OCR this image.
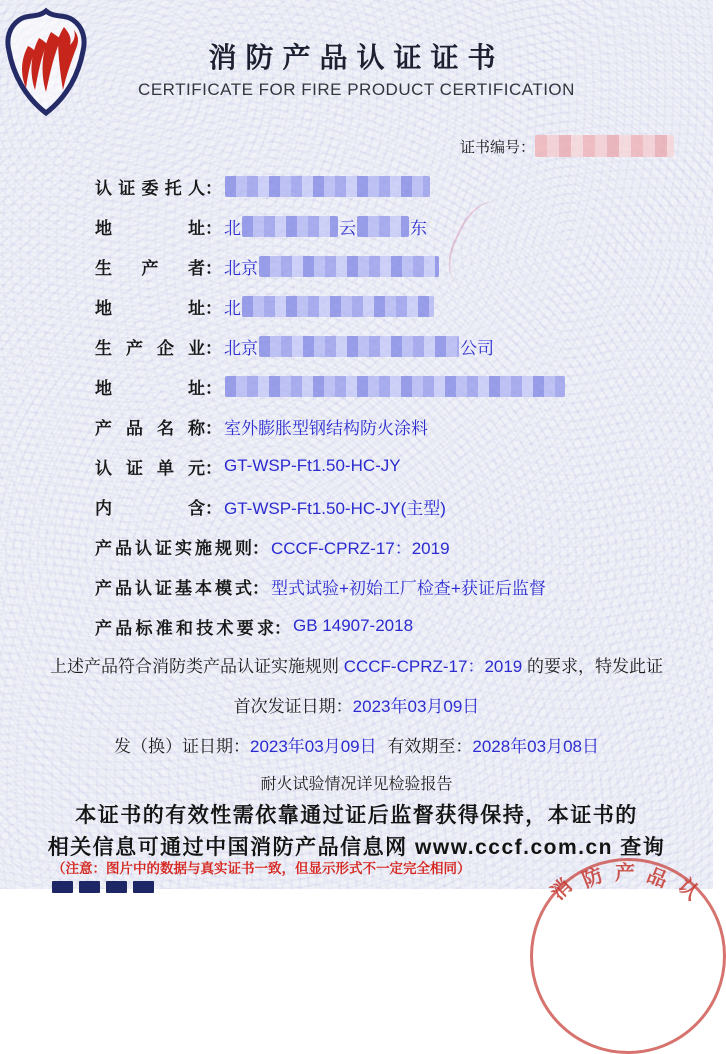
消防产品认证证书
CERTIFICATE FOR FIRE PRODUCT CERTIFICATION
证书编号：
认证委托人 ：
地址 ： 北	云	东
生产者 ： 北京
地址 ： 北
生产企业 ： 北京	公司
地址 ：
产品名称 ： 室外膨胀型钢结构防火涂料
认证单元 ： GT-WSP-Ft1.50-HC-JY
内含 ： GT-WSP-Ft1.50-HC-JY(主型)
产品认证实施规则 ： CCCF-CPRZ-17：2019
产品认证基本模式 ： 型式试验+初始工厂检查+获证后监督
产品标准和技术要求 ： GB 14907-2018
上述产品符合消防类产品认证实施规则 CCCF-CPRZ-17：2019 的要求，特发此证
首次发证日期：2023年03月09日
发（换）证日期：2023年03月09日 有效期至：2028年03月08日
耐火试验情况详见检验报告
本证书的有效性需依靠通过证后监督获得保持，本证书的
相关信息可通过中国消防产品信息网 www.cccf.com.cn 查询
（注意：图片中的数据与真实证书一致，但显示形式不一定完全相同）
消 防 产 品 认
